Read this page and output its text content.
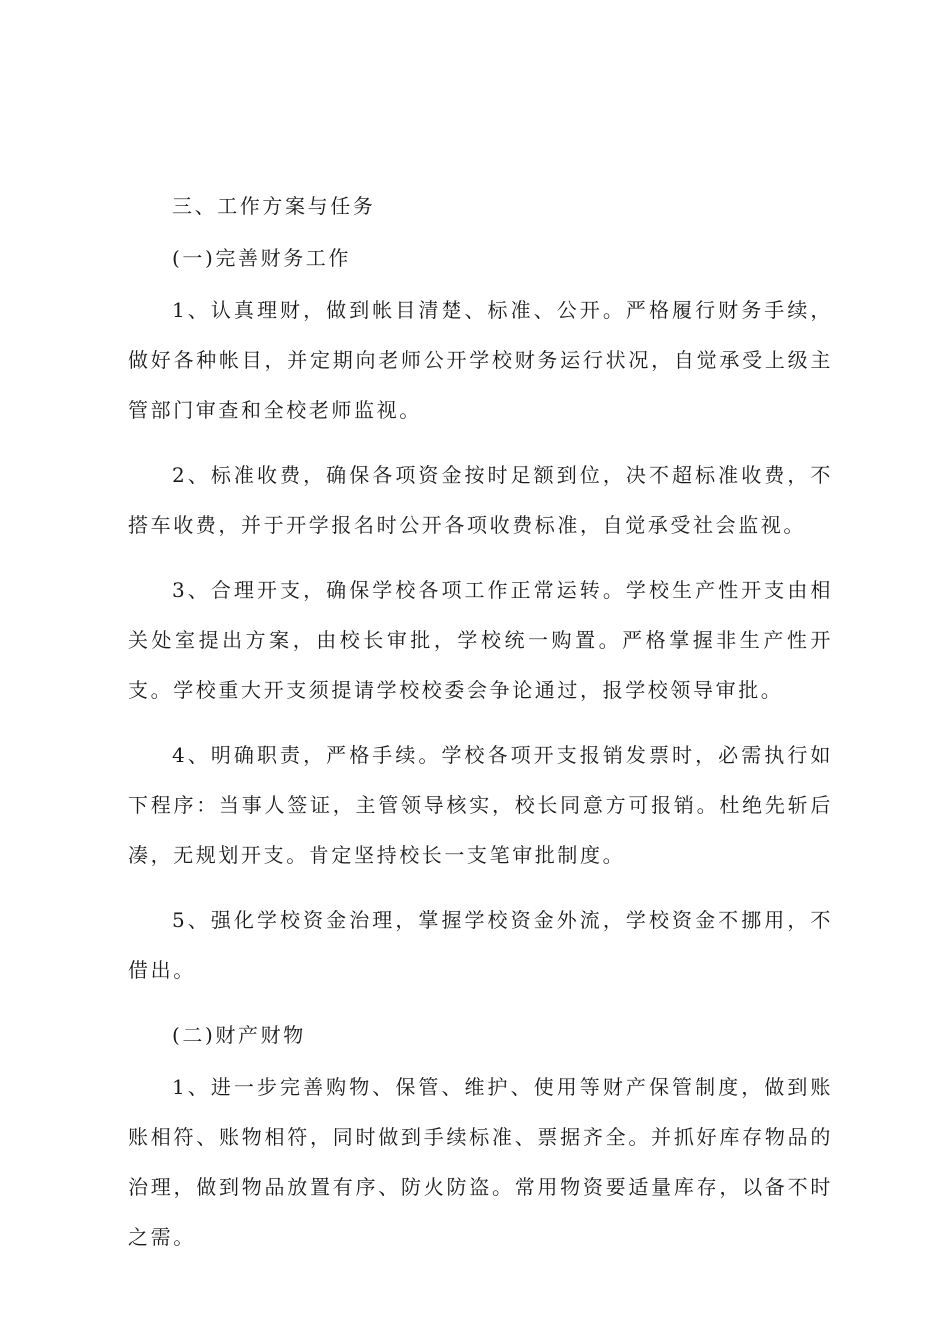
三、工作方案与任务

(一)完善财务工作

1、认真理财，做到帐目清楚、标准、公开。严格履行财务手续，做好各种帐目，并定期向老师公开学校财务运行状况，自觉承受上级主管部门审查和全校老师监视。

2、标准收费，确保各项资金按时足额到位，决不超标准收费，不搭车收费，并于开学报名时公开各项收费标准，自觉承受社会监视。

3、合理开支，确保学校各项工作正常运转。学校生产性开支由相关处室提出方案，由校长审批，学校统一购置。严格掌握非生产性开支。学校重大开支须提请学校校委会争论通过，报学校领导审批。

4、明确职责，严格手续。学校各项开支报销发票时，必需执行如下程序：当事人签证，主管领导核实，校长同意方可报销。杜绝先斩后凑，无规划开支。肯定坚持校长一支笔审批制度。

5、强化学校资金治理，掌握学校资金外流，学校资金不挪用，不借出。

(二)财产财物

1、进一步完善购物、保管、维护、使用等财产保管制度，做到账账相符、账物相符，同时做到手续标准、票据齐全。并抓好库存物品的治理，做到物品放置有序、防火防盗。常用物资要适量库存，以备不时之需。
